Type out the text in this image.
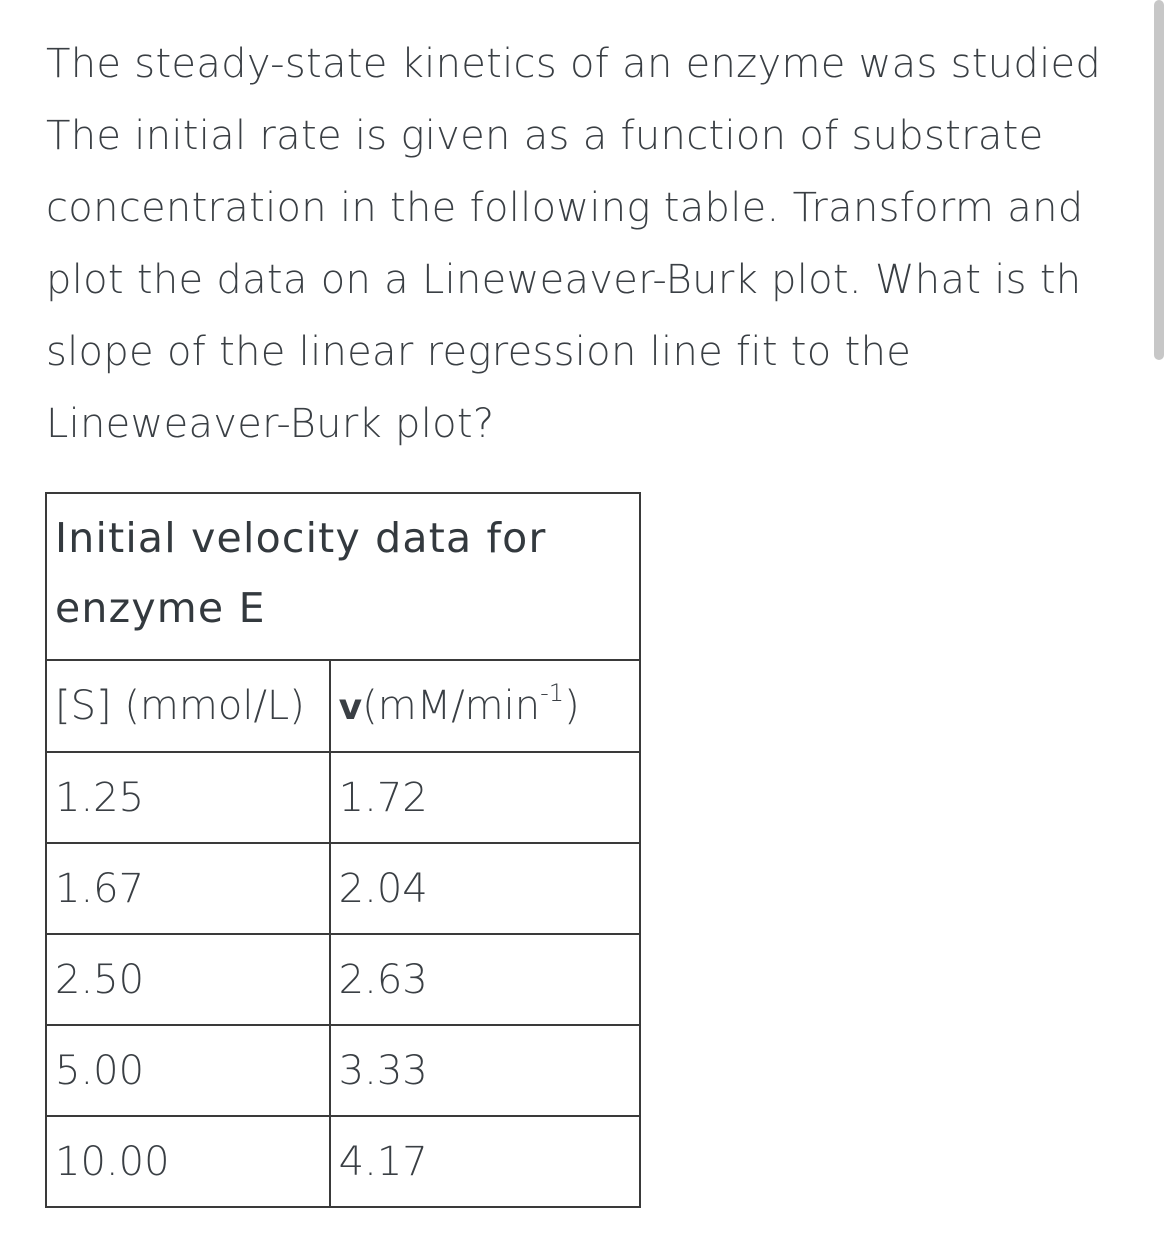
The steady-state kinetics of an enzyme was studied
The initial rate is given as a function of substrate
concentration in the following table. Transform and
plot the data on a Lineweaver-Burk plot. What is th
slope of the linear regression line fit to the
Lineweaver-Burk plot?
Initial velocity data for enzyme E	

[S] (mmol/L)	$v(mM/\min^{-1})$
1.25	1.72
1.67	2.04
2.50	2.63
5.00	3.33
10.00	4.17
